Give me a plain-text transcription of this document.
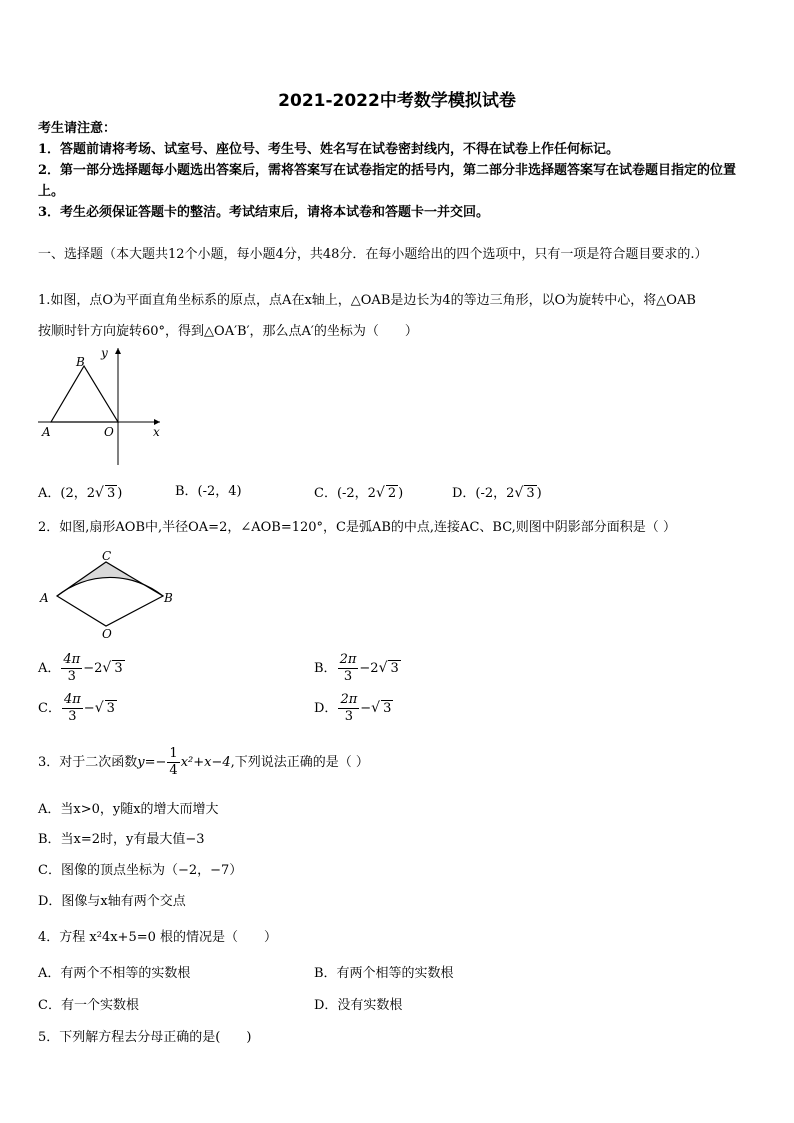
2021-2022中考数学模拟试卷

考生请注意：

1．答题前请将考场、试室号、座位号、考生号、姓名写在试卷密封线内，不得在试卷上作任何标记。

2．第一部分选择题每小题选出答案后，需将答案写在试卷指定的括号内，第二部分非选择题答案写在试卷题目指定的位置上。

3．考生必须保证答题卡的整洁。考试结束后，请将本试卷和答题卡一并交回。

一、选择题（本大题共12个小题，每小题4分，共48分．在每小题给出的四个选项中，只有一项是符合题目要求的.）
1.如图，点O为平面直角坐标系的原点，点A在x轴上，△OAB是边长为4的等边三角形，以O为旋转中心，将△OAB
按顺时针方向旋转60°，得到△OA′B′，那么点A′的坐标为（　　）
B
y
A	O	x
A．(2，2√ 3 )	B．(-2，4)	C．(-2，2√ 2 )	D．(-2，2√ 3 )
2．如图,扇形AOB中,半径OA=2，∠AOB=120°，C是弧AB的中点,连接AC、BC,则图中阴影部分面积是（ ）
C
A	B
O
A． $\frac{4\pi}{3} -2√$ 3	B． $\frac{2\pi}{3} -2√$ 3
C． $\frac{4\pi}{3}$ −√ 3	D． $\frac{2\pi}{3}$ −√ 3
3．对于二次函数$y=- \frac{1}{4} x^2+x-4$,下列说法正确的是（ ）
A．当x>0，y随x的增大而增大
B．当x=2时，y有最大值−3
C．图像的顶点坐标为（−2，−7）
D．图像与x轴有两个交点
4．方程 x²4x+5=0 根的情况是（　　）
A．有两个不相等的实数根	B．有两个相等的实数根
C．有一个实数根	D．没有实数根
5．下列解方程去分母正确的是(　　)
